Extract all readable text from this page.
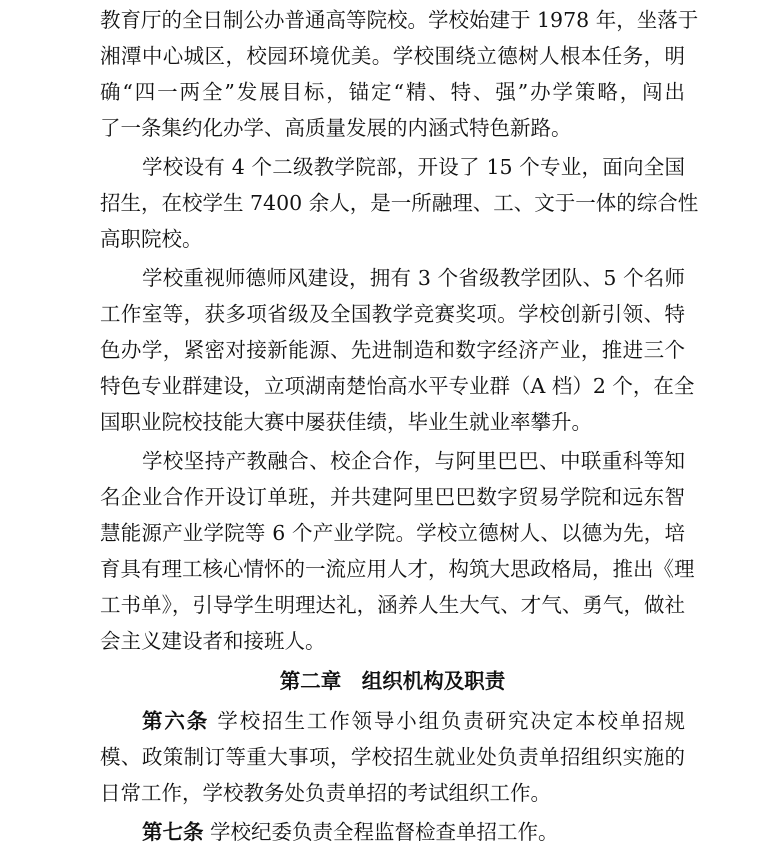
教育厅的全日制公办普通高等院校。学校始建于 1978 年，坐落于
湘潭中心城区，校园环境优美。学校围绕立德树人根本任务，明
确“四一两全”发展目标，锚定“精、特、强”办学策略，闯出
了一条集约化办学、高质量发展的内涵式特色新路。
学校设有 4 个二级教学院部，开设了 15 个专业，面向全国
招生，在校学生 7400 余人，是一所融理、工、文于一体的综合性
高职院校。
学校重视师德师风建设，拥有 3 个省级教学团队、5 个名师
工作室等，获多项省级及全国教学竞赛奖项。学校创新引领、特
色办学，紧密对接新能源、先进制造和数字经济产业，推进三个
特色专业群建设，立项湖南楚怡高水平专业群（A 档）2 个，在全
国职业院校技能大赛中屡获佳绩，毕业生就业率攀升。
学校坚持产教融合、校企合作，与阿里巴巴、中联重科等知
名企业合作开设订单班，并共建阿里巴巴数字贸易学院和远东智
慧能源产业学院等 6 个产业学院。学校立德树人、以德为先，培
育具有理工核心情怀的一流应用人才，构筑大思政格局，推出《理
工书单》，引导学生明理达礼，涵养人生大气、才气、勇气，做社
会主义建设者和接班人。
第二章　组织机构及职责
第六条 学校招生工作领导小组负责研究决定本校单招规
模、政策制订等重大事项，学校招生就业处负责单招组织实施的
日常工作，学校教务处负责单招的考试组织工作。
第七条 学校纪委负责全程监督检查单招工作。
